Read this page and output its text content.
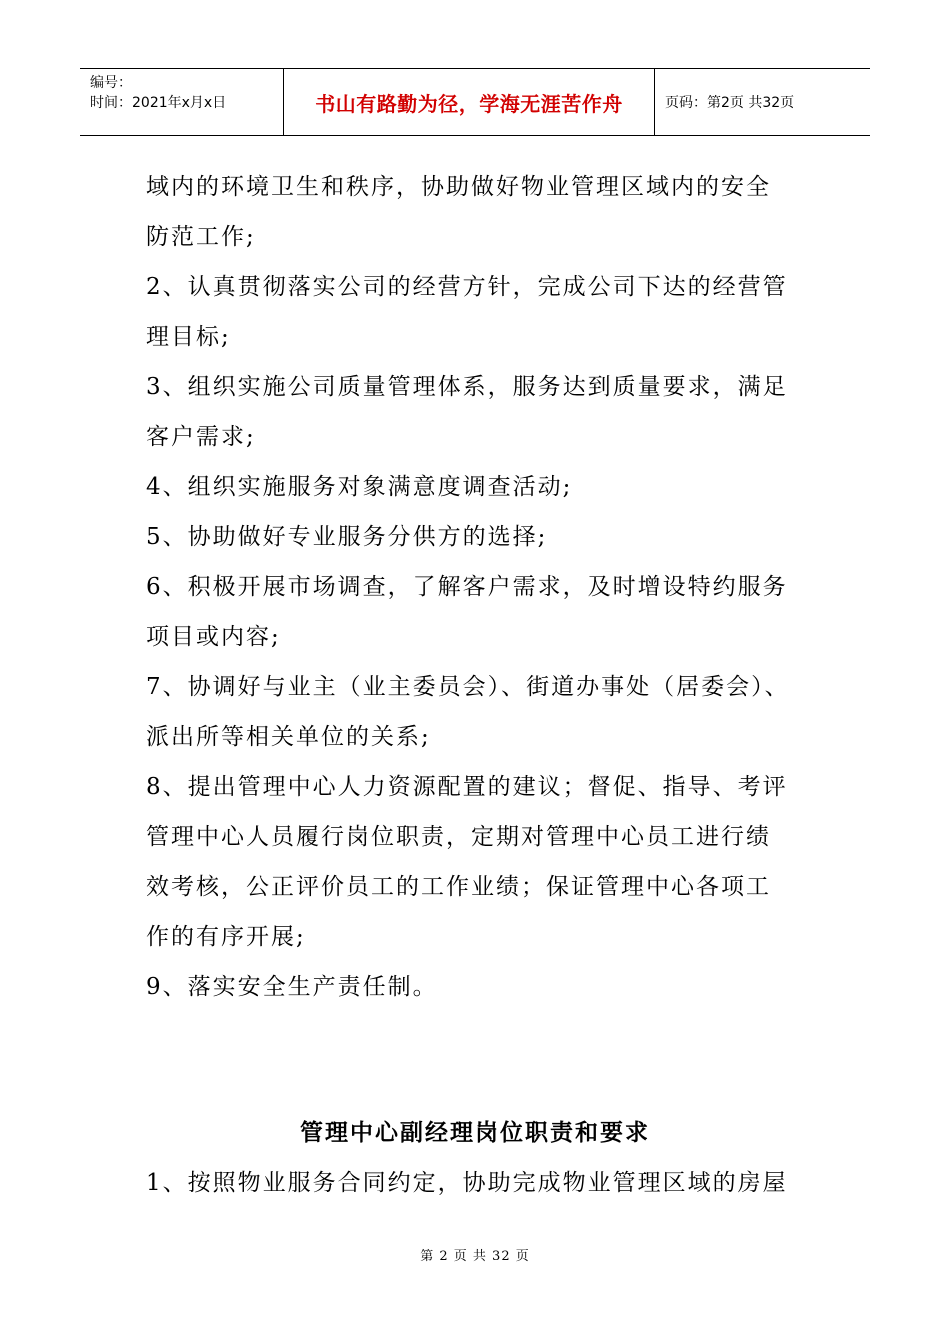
编号：
时间：2021年x月x日	书山有路勤为径，学海无涯苦作舟	页码：第2页 共32页
域内的环境卫生和秩序，协助做好物业管理区域内的安全
防范工作;
2、认真贯彻落实公司的经营方针，完成公司下达的经营管
理目标;
3、组织实施公司质量管理体系，服务达到质量要求，满足
客户需求;
4、组织实施服务对象满意度调查活动;
5、协助做好专业服务分供方的选择;
6、积极开展市场调查，了解客户需求，及时增设特约服务
项目或内容;
7、协调好与业主（业主委员会）、街道办事处（居委会）、
派出所等相关单位的关系;
8、提出管理中心人力资源配置的建议；督促、指导、考评
管理中心人员履行岗位职责，定期对管理中心员工进行绩
效考核，公正评价员工的工作业绩；保证管理中心各项工
作的有序开展;
9、落实安全生产责任制。
管理中心副经理岗位职责和要求
1、按照物业服务合同约定，协助完成物业管理区域的房屋
第 2 页 共 32 页
